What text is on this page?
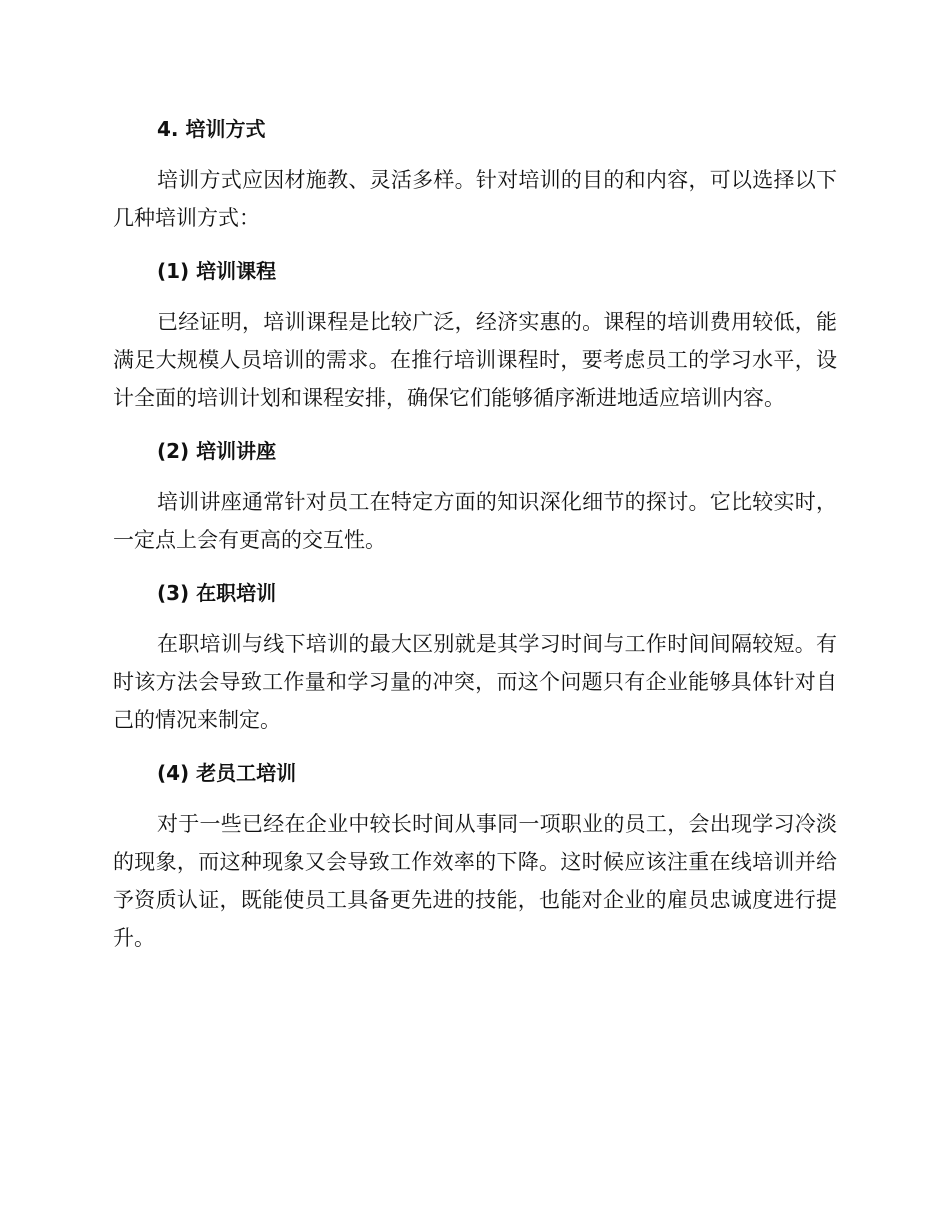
4. 培训方式

培训方式应因材施教、灵活多样。针对培训的目的和内容，可以选择以下几种培训方式：

(1) 培训课程

已经证明，培训课程是比较广泛，经济实惠的。课程的培训费用较低，能满足大规模人员培训的需求。在推行培训课程时，要考虑员工的学习水平，设计全面的培训计划和课程安排，确保它们能够循序渐进地适应培训内容。

(2) 培训讲座

培训讲座通常针对员工在特定方面的知识深化细节的探讨。它比较实时，一定点上会有更高的交互性。

(3) 在职培训

在职培训与线下培训的最大区别就是其学习时间与工作时间间隔较短。有时该方法会导致工作量和学习量的冲突，而这个问题只有企业能够具体针对自己的情况来制定。

(4) 老员工培训

对于一些已经在企业中较长时间从事同一项职业的员工，会出现学习冷淡的现象，而这种现象又会导致工作效率的下降。这时候应该注重在线培训并给予资质认证，既能使员工具备更先进的技能，也能对企业的雇员忠诚度进行提升。
